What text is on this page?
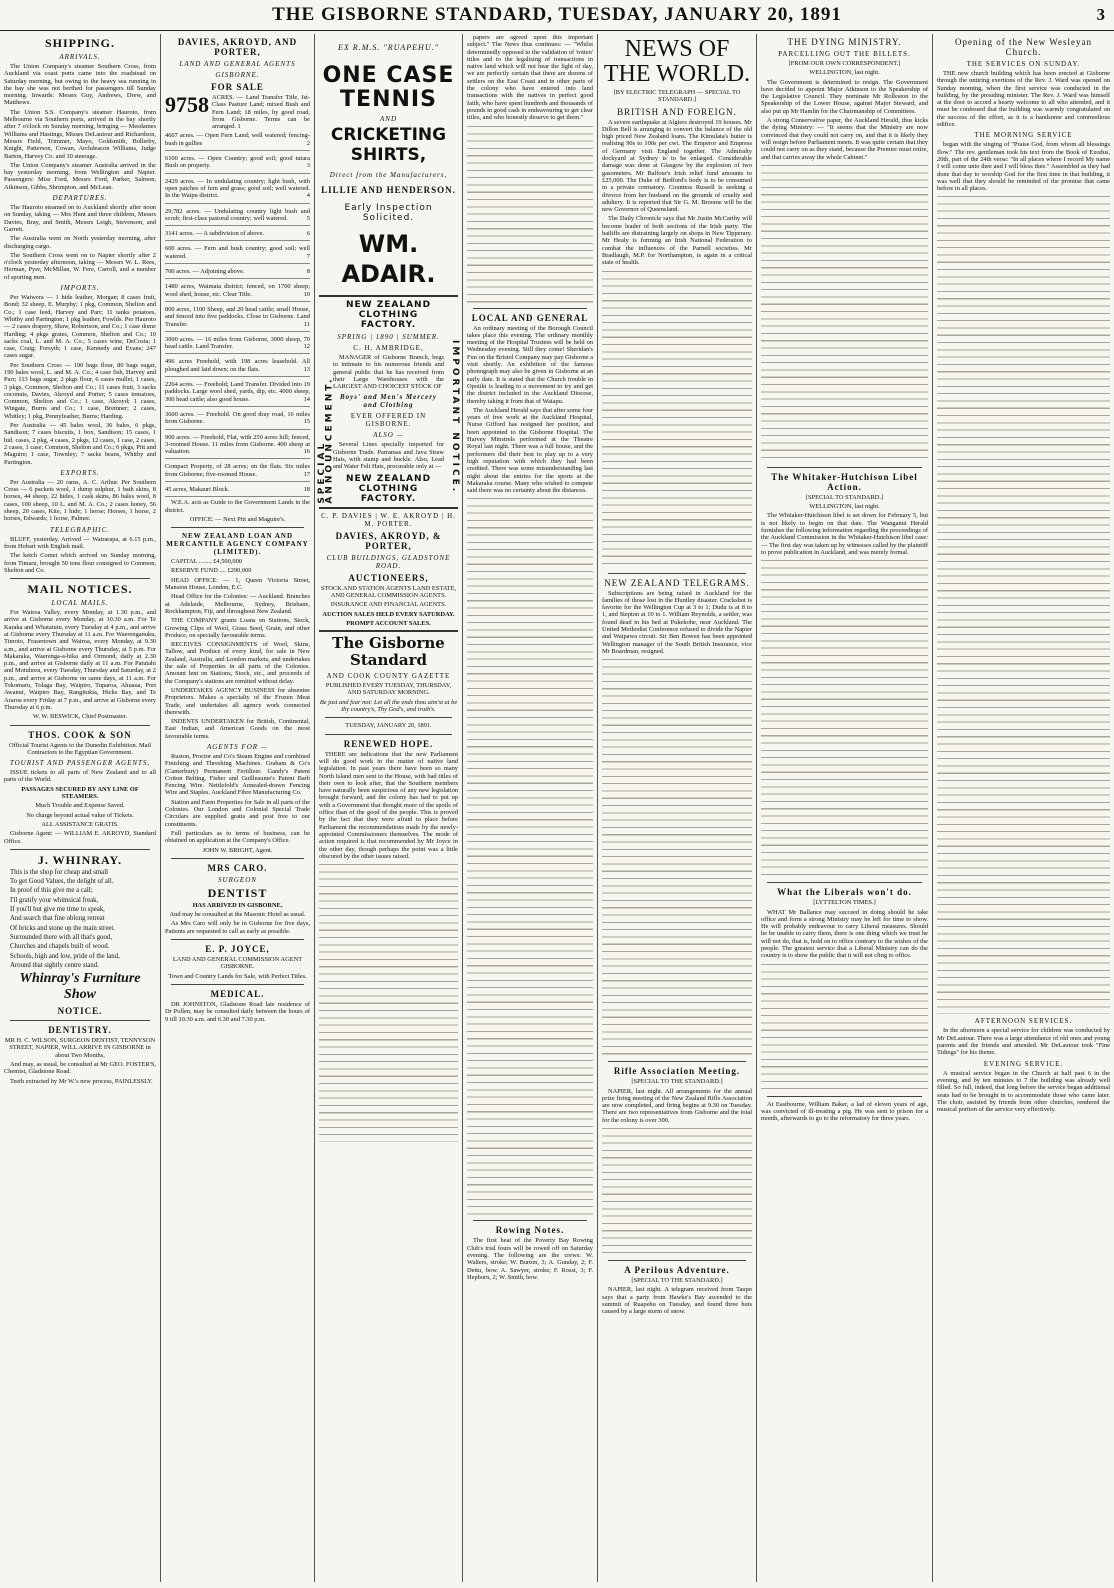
THE GISBORNE STANDARD, TUESDAY, JANUARY 20, 1891	3
SHIPPING.
ARRIVALS.

The Union Company's steamer Southern Cross, from Auckland via coast ports came into the roadstead on Saturday morning, but owing to the heavy sea running in the bay she was not berthed for passengers till Sunday morning. Inwards: Messrs Guy, Andrews, Drew, and Matthews.

The Union S.S. Company's steamer Hauroto, from Melbourne via Southern ports, arrived in the bay shortly after 7 o'clock on Sunday morning, bringing — Mesdames Williams and Hastings, Misses DeLautour and Richardson, Messrs Field, Trimmer, Mayo, Goldsmith, Bollerby, Knight, Patterson, Cowan, Archdeacon Williams, Judge Barton, Harvey Co. and 10 steerage.

The Union Company's steamer Australia arrived in the bay yesterday morning, from Wellington and Napier. Passengers: Miss Ford, Messrs Ford, Parker, Salmon, Atkinson, Gibbs, Shrimpton, and McLean.

DEPARTURES.

The Hauroto steamed on to Auckland shortly after noon on Sunday, taking — Mrs Hunt and three children, Messrs Davies, Bray, and Smith, Messrs Leigh, Stevenson, and Garrett.

The Australia went on North yesterday morning, after discharging cargo.

The Southern Cross went on to Napier shortly after 2 o'clock yesterday afternoon, taking — Messrs W. L. Rees, Herman, Pyer, McMillan, W. Fere, Carroll, and a number of sporting men.

IMPORTS.

Per Waiwera — 1 hide leather, Morgan; 8 cases fruit, Bond; 32 sheep, E. Murphy; 1 pkg, Common, Shelton and Co.; 1 case feed, Harvey and Parr; 11 tanks potatoes, Whitby and Partington; 1 pkg leather, Fowlds. Per Hauroto — 2 cases drapery, Shaw, Robertson, and Co.; 1 case dome Harding; 4 pkgs grates, Common, Shelton and Co.; 10 sacks coal, L. and M. A. Co.; 5 cases wine, DeCosta; 1 case, Craig; Forsyth; 1 case, Kennedy and Evans; 247 cases sugar.

Per Southern Cross — 190 bags flour, 80 bags sugar, 190 bales wool, L. and M. A. Co.; 4 case fish, Harvey and Parr; 113 bags sugar, 2 pkgs flour, 6 cases mullet, 1 cases, 3 pkgs, Common, Shelton and Co.; 11 cases fruit, 3 sacks coconuts, Davies, Akroyd and Porter; 5 cases tomatoes, Common, Shelton and Co.; 1 case, Akroyd; 1 cases, Wingate, Burns and Co.; 1 case, Bremner; 2 cases, Whitley; 1 pkg, Pennyfeather, Burns; Harding.

Per Australia — 45 bales wool, 36 bales, 6 pkgs, Sandison; 7 cases biscuits, 1 box, Sandison; 15 cases, 1 hid. cases, 2 pkg, 4 cases, 2 pkgs, 12 cases, 1 case, 2 cases, 2 cases, 1 case; Common, Shelton and Co.; 6 pkgs, Pitt and Maguire; 1 case, Townley; 7 sacks beans, Whitby and Partington.

EXPORTS.

Per Australia — 20 rams, A. C. Arthur. Per Southern Cross — 6 packets wool, 1 dump sulphur, 1 bath skins, 8 horses, 44 sheep, 22 hides, 1 cask skins, 86 bales wool, 8 cases, 100 sheep, 10 L. and M. A. Co.; 2 cases honey, 56 sheep, 20 cases, Kite, 1 hide; 1 horse; Horses, 1 horse, 2 horses, Edwards; 1 horse, Palmer.

TELEGRAPHIC.

BLUFF, yesterday. Arrived — Wairarapa, at 6.15 p.m., from Hobart with English mail.

The ketch Comet which arrived on Sunday morning, from Timaru, brought 50 tons flour consigned to Common, Shelton and Co.

MAIL NOTICES.
LOCAL MAILS.

For Wairoa Valley, every Monday, at 1.30 p.m., and arrive at Gisborne every Monday, at 10.30 a.m. For Te Karaka and Whatatutu, every Tuesday at 4 p.m., and arrive at Gisborne every Thursday at 11 a.m. For Waerenganuku, Tinroto, Frasertown and Wairoa, every Monday, at 9.30 a.m., and arrive at Gisborne every Thursday, at 5 p.m. For Makaraka, Waerenga-a-hika and Ormond, daily at 2.30 p.m., and arrive at Gisborne daily at 11 a.m. For Patutahi and Motuhora, every Tuesday, Thursday and Saturday, at 2 p.m., and arrive at Gisborne on same days, at 11 a.m. For Tokomaru, Tolaga Bay, Waipiro, Tuparoa, Ahuaua, Port Awanui, Waipiro Bay, Rangitukia, Hicks Bay, and Te Araroa every Friday at 7 p.m., and arrive at Gisborne every Thursday at 6 p.m.

W. W. BESWICK, Chief Postmaster.

THOS. COOK & SON

Official Tourist Agents to the Dunedin Exhibition. Mail Contractors to the Egyptian Government.

TOURIST AND PASSENGER AGENTS,

ISSUE tickets to all parts of New Zealand and to all parts of the World.

PASSAGES SECURED BY ANY LINE OF STEAMERS.

Much Trouble and Expense Saved.

No charge beyond actual value of Tickets.

ALL ASSISTANCE GRATIS.

Gisborne Agent: — WILLIAM E. AKROYD, Standard Office.

J. WHINRAY.
This is the shop for cheap and small
To get Good Values, the delight of all.
In proof of this give me a call;
I'll gratify your whimsical freak,
If you'll but give me time to speak,
And search that fine oblong retreat
Of bricks and stone up the main street.
Surrounded there with all that's good,
Churches and chapels built of wood.
Schools, high and low, pride of the land,
Around that sightly centre stand.
Whinray's Furniture Show
NOTICE.
DENTISTRY.

MR H. C. WILSON, SURGEON DENTIST, TENNYSON STREET, NAPIER, WILL ARRIVE IN GISBORNE in about Two Months,

And may, as usual, be consulted at Mr GEO. FOSTER'S, Chemist, Gladstone Road.

Teeth extracted by Mr W.'s new process, PAINLESSLY.

DAVIES, AKROYD, AND PORTER,
LAND AND GENERAL AGENTS
GISBORNE.
FOR SALE
9758 ACRES. — Land Transfer Title, Ist-Class Pasture Land; mixed Bush and Fern Land; 18 miles, by good road, from Gisborne. Terms can be arranged. 1
4607 acres. — Open Fern Land; well watered; fencing-bush in gullies	2
6100 acres. — Open Country; good soil; good tutara Bush on property.	3
2429 acres. — In undulating country; light bush, with open patches of fern and grass; good soil; well watered. In the Waipu district.	4
29,782 acres. — Undulating country light bush and scrub; first-class pastoral country; well watered.	5
3141 acres. — A subdivision of above.	6
600 acres. — Fern and bush country; good soil; well watered.	7
700 acres. — Adjoining above.	8
1480 acres, Waimata district; fenced, on 1700 sheep; wool shed, house, etc. Clear Title.	10
800 acres, 1100 Sheep, and 20 head cattle; small House, and fenced into five paddocks. Close to Gisborne. Land Transfer.	11
3000 acres. — 16 miles from Gisborne, 3000 sheep, 70 head cattle. Land Transfer.	12
496 acres Freehold, with 198 acres leasehold. All ploughed and laid down; on the flats.	13
2264 acres. — Freehold; Land Transfer. Divided into 19 paddocks. Large wool shed, yards, dip, etc. 4000 sheep, 300 head cattle; also good house.	14
3600 acres. — Freehold. On good dray road, 16 miles from Gisborne.	15
900 acres. — Freehold, Flat, with 250 acres hill; fenced, 3-roomed House. 11 miles from Gisborne. 400 sheep at valuation.	16
Compact Property, of 28 acres; on the flats. Six miles from Gisborne; five-roomed House.	17
45 acres, Makauri Block.	18

W.E.A. acts as Guide to the Government Lands in the district.

OFFICE: — Next Pitt and Maguire's.

NEW ZEALAND LOAN AND MERCANTILE AGENCY COMPANY (LIMITED).

CAPITAL ........ £4,500,000

RESERVE FUND .... £290,000

HEAD OFFICE: — 1, Queen Victoria Street, Mansion House, London, E.C.

Head Office for the Colonies: — Auckland. Branches at Adelaide, Melbourne, Sydney, Brisbane, Rockhampton, Fiji, and throughout New Zealand.

THE COMPANY grants Loans on Stations, Stock, Growing Clips of Wool, Grass Seed, Grain, and other Produce, on specially favourable terms.

RECEIVES CONSIGNMENTS of Wool, Skins, Tallow, and Produce of every kind, for sale in New Zealand, Australia, and London markets, and undertakes the sale of Properties in all parts of the Colonies. Amount lent on Stations, Stock, etc., and proceeds of the Company's stations are remitted without delay.

UNDERTAKES AGENCY BUSINESS for absentee Proprietors. Makes a specialty of the Frozen Meat Trade, and undertakes all agency work connected therewith.

INDENTS UNDERTAKEN for British, Continental, East Indian, and American Goods on the most favourable terms.

AGENTS FOR —

Ruston, Proctor and Co's Steam Engine and combined Finishing and Threshing Machines. Graham & Co's (Canterbury) Permanent Fertilizer. Gandy's Patent Cotton Belting. Fisher and Guilleaume's Patent Barb Fencing Wire. Nettlefold's Annealed-drawn Fencing Wire and Staples. Auckland Fibre Manufacturing Co.

Station and Farm Properties for Sale in all parts of the Colonies. Our London and Colonial Special Trade Circulars are supplied gratis and post free to our constituents.

Full particulars as to terms of business, can be obtained on application at the Company's Office.

JOHN W. BRIGHT, Agent.

MRS CARO.
SURGEON
DENTIST

HAS ARRIVED IN GISBORNE,

And may be consulted at the Masonic Hotel as usual.

As Mrs Caro will only be in Gisborne for five days, Patients are requested to call as early as possible.

E. P. JOYCE,

LAND AND GENERAL COMMISSION AGENT GISBORNE.

Town and Country Lands for Sale, with Perfect Titles.

MEDICAL.

DR JOHNSTON, Gladstone Road late residence of Dr Pollen, may be consulted daily between the hours of 9 till 10.30 a.m. and 6.30 and 7.30 p.m.

EX R.M.S. "RUAPEHU."
ONE CASE
TENNIS
AND
CRICKETING SHIRTS,
Direct from the Manufacturers,
LILLIE AND HENDERSON.
Early Inspection Solicited.
WM. ADAIR.
SPECIAL ANNOUNCEMENT.	IMPORTANT NOTICE.
NEW ZEALAND CLOTHING FACTORY.
SPRING | 1890 | SUMMER.
C. H. AMBRIDGE,

MANAGER of Gisborne Branch, begs to intimate to his numerous friends and general public that he has received from their Large Warehouses with the LARGEST AND CHOICEST STOCK OF

Boys' and Men's Mercery and Clothing
EVER OFFERED IN GISBORNE.
ALSO —

Several Lines specially imported for Gisborne Trade. Parramas and Java Straw Hats, with stamp and buckle. Also, Lead and Water Felt Hats, procurable only at —

NEW ZEALAND CLOTHING FACTORY.
C. P. DAVIES | W. E. AKROYD | H. M. PORTER.
DAVIES, AKROYD, & PORTER,
CLUB BUILDINGS, GLADSTONE ROAD.
AUCTIONEERS,

STOCK AND STATION AGENTS LAND ESTATE, AND GENERAL COMMISSION AGENTS.

INSURANCE AND FINANCIAL AGENTS.

AUCTION SALES HELD EVERY SATURDAY.

PROMPT ACCOUNT SALES.

The Gisborne Standard
AND COOK COUNTY GAZETTE

PUBLISHED EVERY TUESDAY, THURSDAY, AND SATURDAY MORNING.

Be just and fear not: Let all the ends thou aim'st at be thy country's, Thy God's, and truth's.

TUESDAY, JANUARY 20, 1891.

RENEWED HOPE.

THERE are indications that the new Parliament will do good work in the matter of native land legislation. In past years there have been so many North Island men sent to the House, with bad titles of their own to look after, that the Southern members have naturally been suspicious of any new legislation brought forward, and the colony has had to put up with a Government that thought more of the spoils of office than of the good of the people. This is proved by the fact that they were afraid to place before Parliament the recommendations made by the newly-appointed Commissioners themselves. The mode of action required is that recommended by Mr Joyce in the other day, though perhaps the point was a little obscured by the other issues raised.

papers are agreed upon this important subject." The News thus continues: — "Whilst determinedly opposed to the validation of 'rotten' titles and to the legalising of transactions in native land which will not bear the light of day, we are perfectly certain that there are dozens of settlers on the East Coast and in other parts of the colony who have entered into land transactions with the natives in perfect good faith, who have spent hundreds and thousands of pounds in good cash in endeavouring to get clear titles, and who honestly deserve to get them."

LOCAL AND GENERAL

An ordinary meeting of the Borough Council takes place this evening. The ordinary monthly meeting of the Hospital Trustees will be held on Wednesday evening. Still they come! Sheridan's Fun on the Bristol Company may pay Gisborne a visit shortly. An exhibition of the famous phonograph may also be given in Gisborne at an early date. It is stated that the Church trouble in Opotiki is leading to a movement to try and get the district included in the Auckland Diocese, thereby taking it from that of Waiapu.

The Auckland Herald says that after some four years of free work at the Auckland Hospital, Nurse Gifford has resigned her position, and been appointed to the Gisborne Hospital. The Harvey Minstrels performed at the Theatre Royal last night. There was a full house, and the performers did their best to play up to a very high reputation with which they had been credited. There was some misunderstanding last night about the entries for the sports at the Makaraka course. Many who wished to compete said there was no certainty about the distances.

Rowing Notes.

The first heat of the Poverty Bay Rowing Club's trial fours will be rowed off on Saturday evening. The following are the crews: W. Walters, stroke; W. Burton, 3; A. Gunday, 2; F. Dettu, bow. A. Sawyer, stroke; F. Rosst, 3; F. Hepburn, 2; W. Smith, bow.

NEWS OF THE WORLD.

[BY ELECTRIC TELEGRAPH — SPECIAL TO STANDARD.]

BRITISH AND FOREIGN.

A severe earthquake at Algiers destroyed 19 houses. Mr Dillon Bell is arranging to convert the balance of the old high priced New Zealand loans. The Kimulata's butter is realising 90s to 100s per cwt. The Emperor and Empress of Germany visit England together. The Admiralty dockyard at Sydney is to be enlarged. Considerable damage was done at Glasgow by the explosion of two gasometers. Mr Balfour's Irish relief fund amounts to £25,000. The Duke of Bedford's body is to be consumed in a private crematory. Countess Russell is seeking a divorce from her husband on the grounds of cruelty and adultery. It is reported that Sir G. M. Broome will be the new Governor of Queensland.

The Daily Chronicle says that Mr Justin McCarthy will become leader of both sections of the Irish party. The bailiffs are distraining largely on shops in New Tipperary. Mr Healy is forming an Irish National Federation to combat the influences of the Parnell societies. Mr Bradlaugh, M.P. for Northampton, is again in a critical state of health.

NEW ZEALAND TELEGRAMS.

Subscriptions are being raised in Auckland for the families of those lost in the Huntley disaster. Crackshot is favorite for the Wellington Cup at 3 to 1; Dudu is at 8 to 1, and Stepton at 10 to 1. William Reynolds, a settler, was found dead in his bed at Pukekohe, near Auckland. The United Methodist Conference refused to divide the Napier and Waipawa circuit. Sir Ben Bowen has been appointed Wellington manager of the South British Insurance, vice Mr Boardman, resigned.

Rifle Association Meeting.

[SPECIAL TO THE STANDARD.]

NAPIER, last night. All arrangements for the annual prize firing meeting of the New Zealand Rifle Association are now completed, and firing begins at 9.30 on Tuesday. There are two representatives from Gisborne and the total for the colony is over 300.

A Perilous Adventure.

[SPECIAL TO THE STANDARD.]

NAPIER, last night. A telegram received from Taupo says that a party from Hawke's Bay ascended to the summit of Ruapehu on Tuesday, and found three huts caused by a large storm of snow.

THE DYING MINISTRY.
PARCELLING OUT THE BILLETS.

[FROM OUR OWN CORRESPONDENT.]

WELLINGTON, last night.

The Government is determined to resign. The Government have decided to appoint Major Atkinson to the Speakership of the Legislative Council. They nominate Mr Rolleston to the Speakership of the Lower House, against Major Steward, and also put up Mr Hamlin for the Chairmanship of Committees.

A strong Conservative paper, the Auckland Herald, thus kicks the dying Ministry: — "It seems that the Ministry are now convinced that they could not carry on, and that it is likely they will resign before Parliament meets. It was quite certain that they could not carry on as they stand, because the Premier must retire, and that carries away the whole Cabinet."

The Whitaker-Hutchison Libel Action.

[SPECIAL TO STANDARD.]

WELLINGTON, last night.

The Whitaker-Hutchison libel is set down for February 5, but is not likely to begin on that date. The Wanganui Herald furnishes the following information regarding the proceedings of the Auckland Commission in the Whitaker-Hutchison libel case: — The first day was taken up by witnesses called by the plaintiff to prove publication in Auckland, and was merely formal.

What the Liberals won't do.

[LYTTELTON TIMES.]

WHAT Mr Ballance may succeed in doing should he take office and form a strong Ministry may be left for time to show. He will probably endeavour to carry Liberal measures. Should he be unable to carry them, there is one thing which we trust he will not do, that is, hold on to office contrary to the wishes of the people. The greatest service that a Liberal Ministry can do the country is to show the public that it will not cling to office.

At Eastbourne, William Baker, a lad of eleven years of age, was convicted of ill-treating a pig. He was sent to prison for a month, afterwards to go to the reformatory for three years.

Opening of the New Wesleyan Church.
THE SERVICES ON SUNDAY.

THE new church building which has been erected at Gisborne through the untiring exertions of the Rev. J. Ward was opened on Sunday morning, when the first service was conducted in the building, by the presiding minister. The Rev. J. Ward was himself at the door to accord a hearty welcome to all who attended, and it must be confessed that the building was warmly congratulated on the success of the effort, as it is a handsome and commodious edifice.

THE MORNING SERVICE

began with the singing of "Praise God, from whom all blessings flow." The rev. gentleman took his text from the Book of Exodus, 20th, part of the 24th verse: "In all places where I record My name I will come unto thee and I will bless thee." Assembled as they had done that day to worship God for the first time in that building, it was well that they should be reminded of the promise that came before in all places.

AFTERNOON SERVICES.

In the afternoon a special service for children was conducted by Mr DeLautour. There was a large attendance of old ones and young parents and the friends and attended. Mr DeLautour took "Fine Tidings" for his theme.

EVENING SERVICE.

A musical service began in the Church at half past 6 in the evening, and by ten minutes to 7 the building was already well filled. So full, indeed, that long before the service began additional seats had to be brought in to accommodate those who came later. The choir, assisted by friends from other churches, rendered the musical portion of the service very effectively.
